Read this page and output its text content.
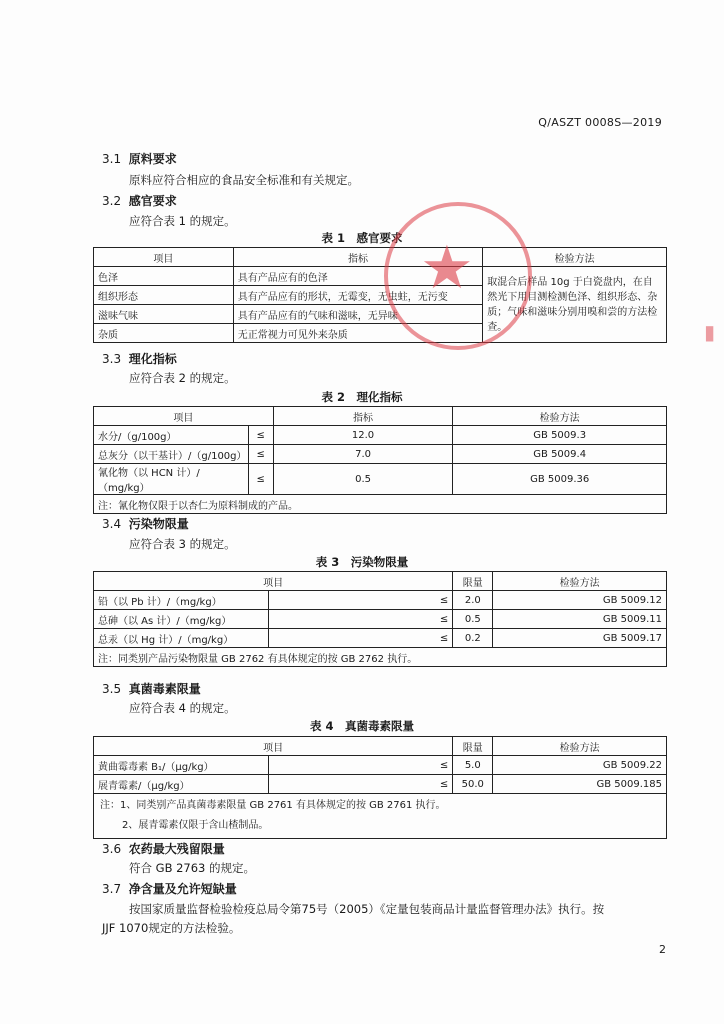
Q/ASZT 0008S—2019
3.1 原料要求
原料应符合相应的食品安全标准和有关规定。
3.2 感官要求
应符合表 1 的规定。
表 1　感官要求
项目	指标	检验方法
色泽	具有产品应有的色泽	取混合后样品 10g 于白瓷盘内，在自然光下用目测检测色泽、组织形态、杂质；气味和滋味分别用嗅和尝的方法检查。
组织形态	具有产品应有的形状，无霉变，无虫蛀，无污变	
滋味气味	具有产品应有的气味和滋味，无异味	
杂质	无正常视力可见外来杂质	
3.3 理化指标
应符合表 2 的规定。
表 2　理化指标
项目		指标	检验方法
水分/（g/100g）	≤	12.0	GB 5009.3
总灰分（以干基计）/（g/100g）	≤	7.0	GB 5009.4
氰化物（以 HCN 计）/（mg/kg）	≤	0.5	GB 5009.36
注：氰化物仅限于以杏仁为原料制成的产品。			
3.4 污染物限量
应符合表 3 的规定。
表 3　污染物限量
项目		限量	检验方法
铅（以 Pb 计）/（mg/kg）	≤	2.0	GB 5009.12
总砷（以 As 计）/（mg/kg）	≤	0.5	GB 5009.11
总汞（以 Hg 计）/（mg/kg）	≤	0.2	GB 5009.17
注：同类别产品污染物限量 GB 2762 有具体规定的按 GB 2762 执行。			
3.5 真菌毒素限量
应符合表 4 的规定。
表 4　真菌毒素限量
项目		限量	检验方法
黄曲霉毒素 B₁/（μg/kg）	≤	5.0	GB 5009.22
展青霉素/（μg/kg）	≤	50.0	GB 5009.185

注：1、同类别产品真菌毒素限量 GB 2761 有具体规定的按 GB 2761 执行。
2、展青霉素仅限于含山楂制品。			
3.6 农药最大残留限量
符合 GB 2763 的规定。
3.7 净含量及允许短缺量
按国家质量监督检验检疫总局令第75号（2005）《定量包装商品计量监督管理办法》执行。按
JJF 1070规定的方法检验。
2
★
▮
